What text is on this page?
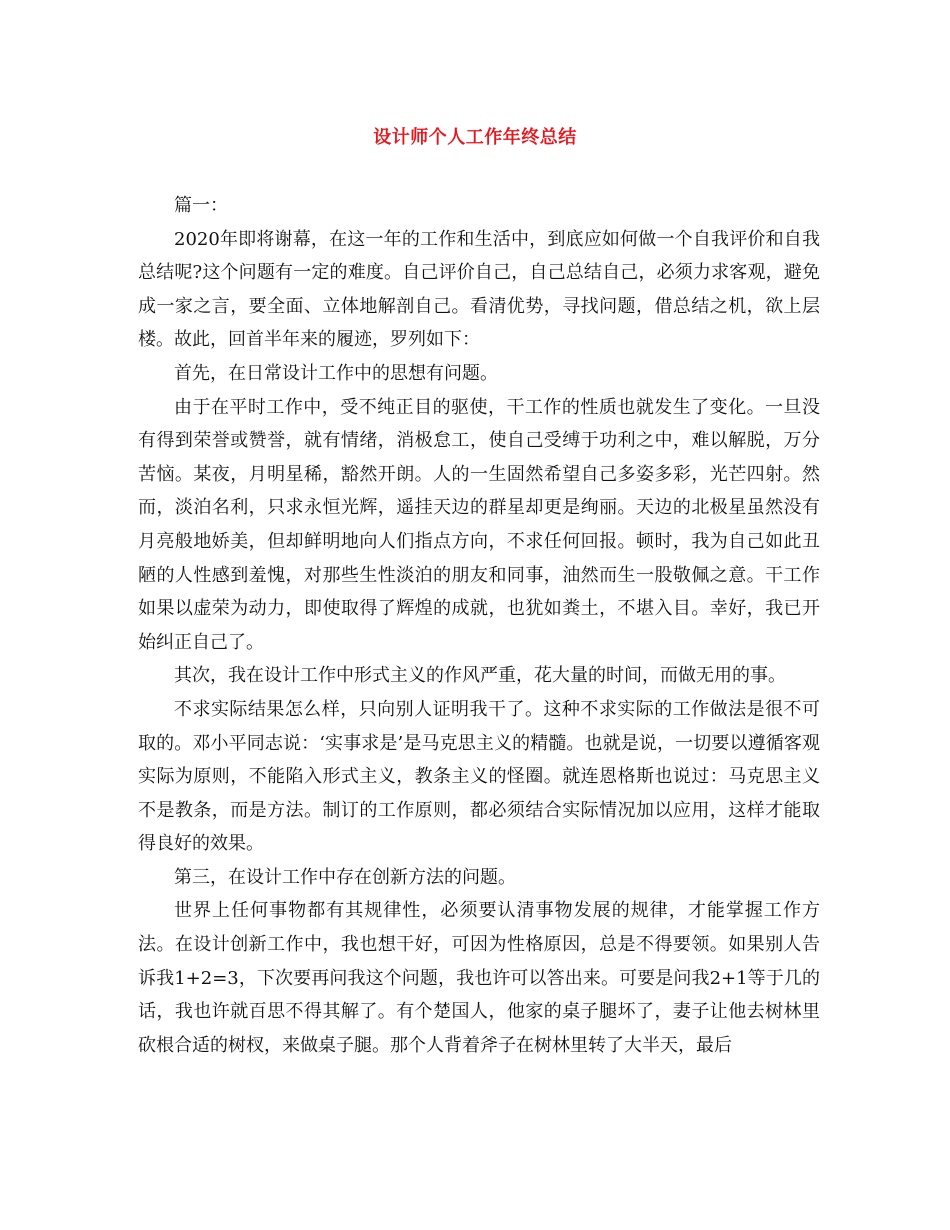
设计师个人工作年终总结

篇一：

2020年即将谢幕，在这一年的工作和生活中，到底应如何做一个自我评价和自我总结呢?这个问题有一定的难度。自己评价自己，自己总结自己，必须力求客观，避免成一家之言，要全面、立体地解剖自己。看清优势，寻找问题，借总结之机，欲上层楼。故此，回首半年来的履迹，罗列如下：

首先，在日常设计工作中的思想有问题。

由于在平时工作中，受不纯正目的驱使，干工作的性质也就发生了变化。一旦没有得到荣誉或赞誉，就有情绪，消极怠工，使自己受缚于功利之中，难以解脱，万分苦恼。某夜，月明星稀，豁然开朗。人的一生固然希望自己多姿多彩，光芒四射。然而，淡泊名利，只求永恒光辉，遥挂天边的群星却更是绚丽。天边的北极星虽然没有月亮般地娇美，但却鲜明地向人们指点方向，不求任何回报。顿时，我为自己如此丑陋的人性感到羞愧，对那些生性淡泊的朋友和同事，油然而生一股敬佩之意。干工作如果以虚荣为动力，即使取得了辉煌的成就，也犹如粪土，不堪入目。幸好，我已开始纠正自己了。

其次，我在设计工作中形式主义的作风严重，花大量的时间，而做无用的事。

不求实际结果怎么样，只向别人证明我干了。这种不求实际的工作做法是很不可取的。邓小平同志说：‘实事求是’是马克思主义的精髓。也就是说，一切要以遵循客观实际为原则，不能陷入形式主义，教条主义的怪圈。就连恩格斯也说过：马克思主义不是教条，而是方法。制订的工作原则，都必须结合实际情况加以应用，这样才能取得良好的效果。

第三，在设计工作中存在创新方法的问题。

世界上任何事物都有其规律性，必须要认清事物发展的规律，才能掌握工作方法。在设计创新工作中，我也想干好，可因为性格原因，总是不得要领。如果别人告诉我1+2=3，下次要再问我这个问题，我也许可以答出来。可要是问我2+1等于几的话，我也许就百思不得其解了。有个楚国人，他家的桌子腿坏了，妻子让他去树林里砍根合适的树杈，来做桌子腿。那个人背着斧子在树林里转了大半天，最后
